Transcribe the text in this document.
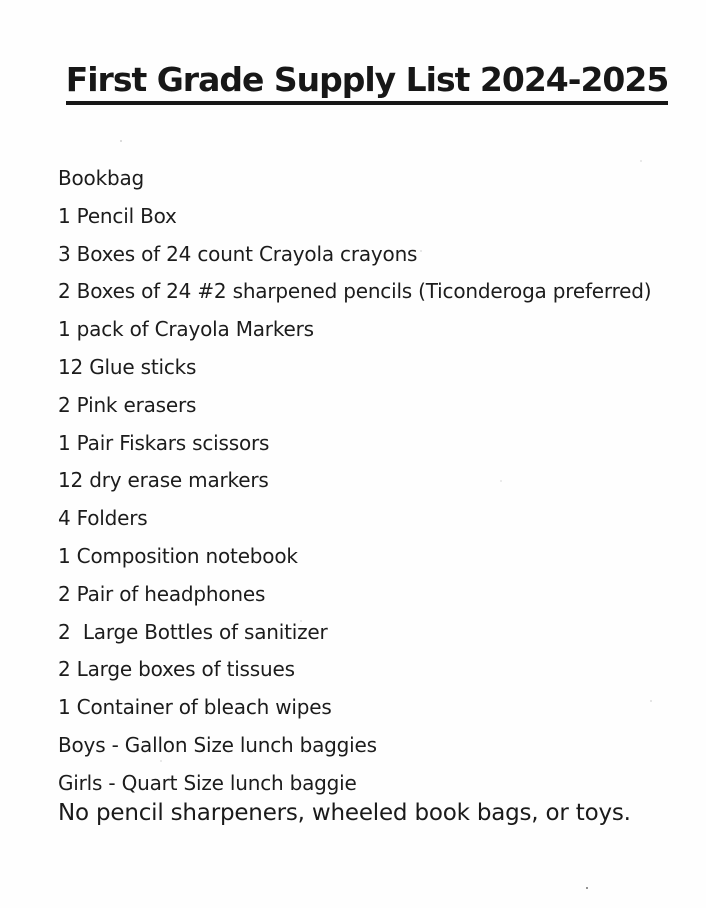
First Grade Supply List 2024-2025
Bookbag
1 Pencil Box
3 Boxes of 24 count Crayola crayons
2 Boxes of 24 #2 sharpened pencils (Ticonderoga preferred)
1 pack of Crayola Markers
12 Glue sticks
2 Pink erasers
1 Pair Fiskars scissors
12 dry erase markers
4 Folders
1 Composition notebook
2 Pair of headphones
2  Large Bottles of sanitizer
2 Large boxes of tissues
1 Container of bleach wipes
Boys - Gallon Size lunch baggies
Girls - Quart Size lunch baggie
No pencil sharpeners, wheeled book bags, or toys.
